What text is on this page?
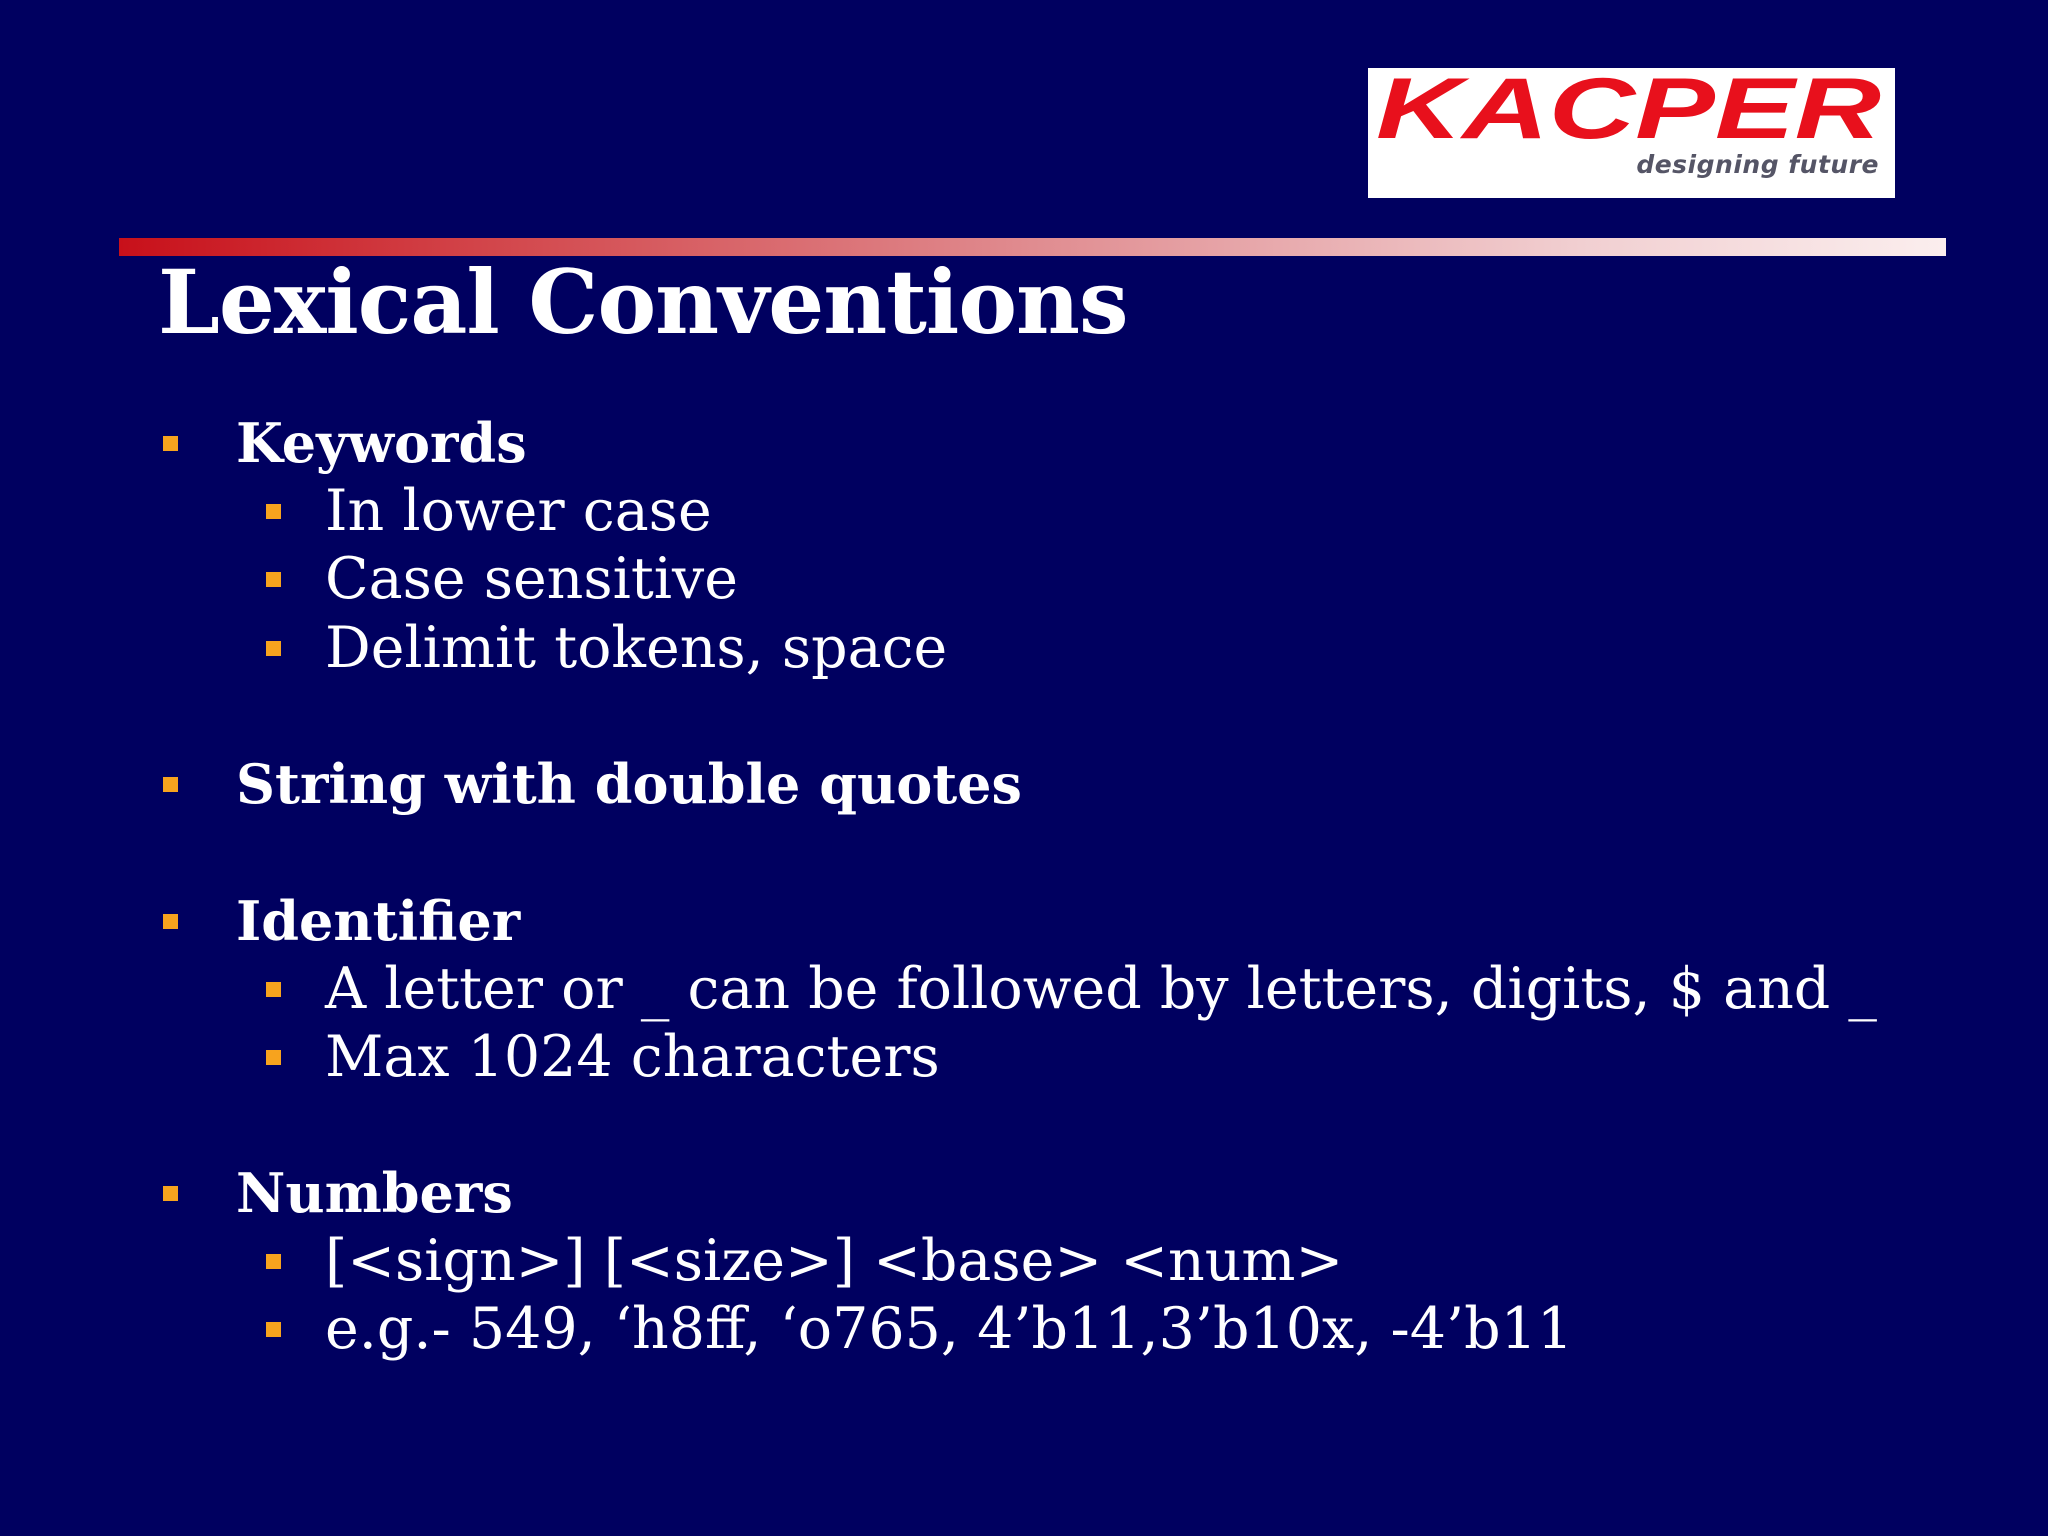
KACPER
designing future
Lexical Conventions
Keywords
In lower case
Case sensitive
Delimit tokens, space
String with double quotes
Identifier
A letter or _ can be followed by letters, digits, $ and _
Max 1024 characters
Numbers
[<sign>] [<size>] <base> <num>
e.g.- 549, ‘h8ff, ‘o765, 4’b11,3’b10x, -4’b11
